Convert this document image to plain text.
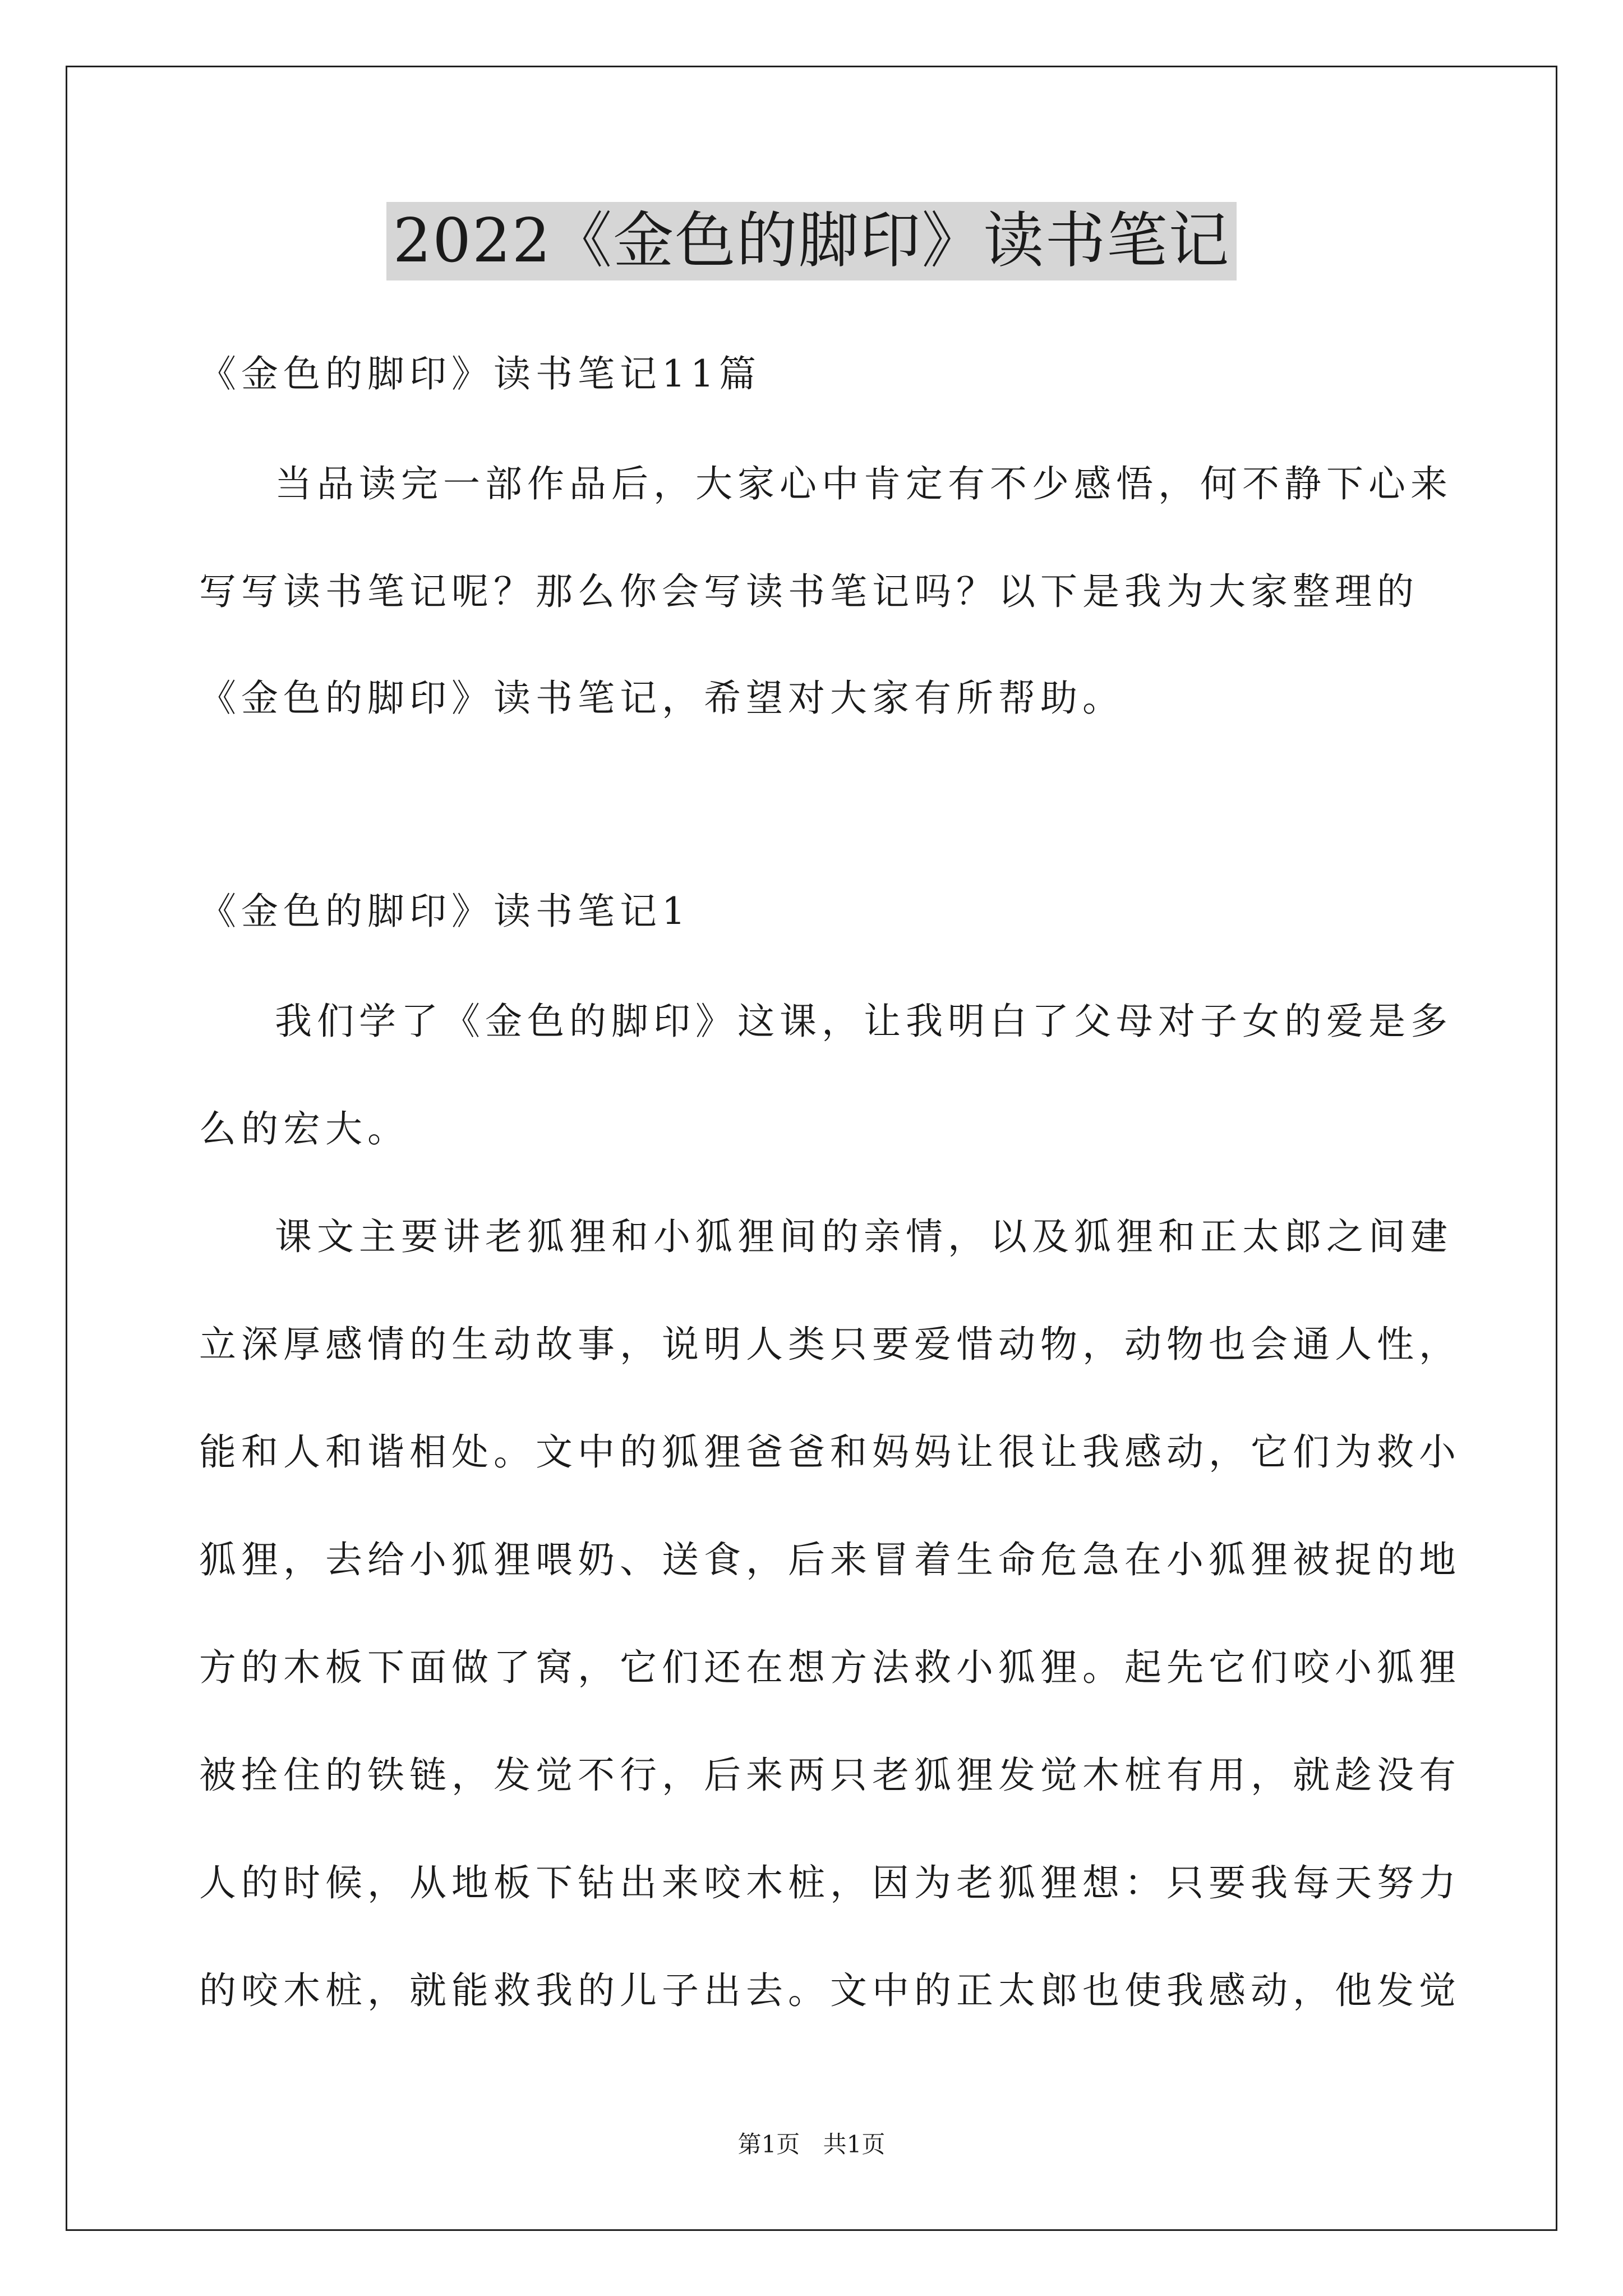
2022《金色的脚印》读书笔记
《金色的脚印》读书笔记11篇
当品读完一部作品后，大家心中肯定有不少感悟，何不静下心来
写写读书笔记呢？那么你会写读书笔记吗？以下是我为大家整理的
《金色的脚印》读书笔记，希望对大家有所帮助。
《金色的脚印》读书笔记1
我们学了《金色的脚印》这课，让我明白了父母对子女的爱是多
么的宏大。
课文主要讲老狐狸和小狐狸间的亲情，以及狐狸和正太郎之间建
立深厚感情的生动故事，说明人类只要爱惜动物，动物也会通人性，
能和人和谐相处。文中的狐狸爸爸和妈妈让很让我感动，它们为救小
狐狸，去给小狐狸喂奶、送食，后来冒着生命危急在小狐狸被捉的地
方的木板下面做了窝，它们还在想方法救小狐狸。起先它们咬小狐狸
被拴住的铁链，发觉不行，后来两只老狐狸发觉木桩有用，就趁没有
人的时候，从地板下钻出来咬木桩，因为老狐狸想：只要我每天努力
的咬木桩，就能救我的儿子出去。文中的正太郎也使我感动，他发觉
第1页 共1页
